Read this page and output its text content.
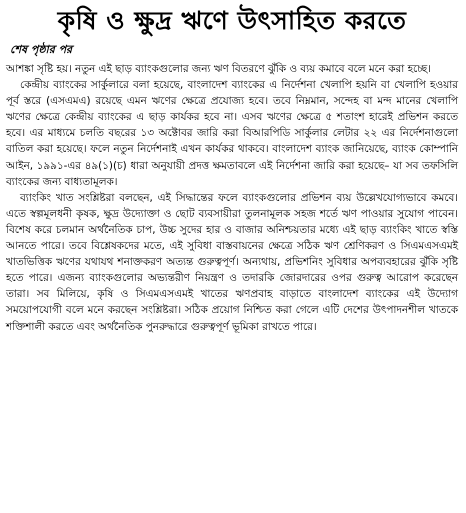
কৃষি ও ক্ষুদ্র ঋণে উৎসাহিত করতে
শেষ পৃষ্ঠার পর

আশঙ্কা সৃষ্টি হয়। নতুন এই ছাড় ব্যাংকগুলোর জন্য ঋণ বিতরণে ঝুঁকি ও ব্যয় কমাবে বলে মনে করা হচ্ছে।

কেন্দ্রীয় ব্যাংকের সার্কুলারে বলা হয়েছে, বাংলাদেশ ব্যাংকের এ নির্দেশনা খেলাপি হয়নি বা খেলাপি হওয়ার পূর্ব স্তরে (এসএমএ) রয়েছে এমন ঋণের ক্ষেত্রে প্রযোজ্য হবে। তবে নিম্নমান, সন্দেহ বা মন্দ মানের খেলাপি ঋণের ক্ষেত্রে কেন্দ্রীয় ব্যাংকের এ ছাড় কার্যকর হবে না। এসব ঋণের ক্ষেত্রে ৫ শতাংশ হারেই প্রভিশন করতে হবে। এর মাধ্যমে চলতি বছরের ১৩ অক্টোবর জারি করা বিআরপিডি সার্কুলার লেটার ২২ এর নির্দেশনাগুলো বাতিল করা হয়েছে। ফলে নতুন নির্দেশনাই এখন কার্যকর থাকবে। বাংলাদেশ ব্যাংক জানিয়েছে, ব্যাংক কোম্পানি আইন, ১৯৯১-এর ৪৯(১)(চ) ধারা অনুযায়ী প্রদত্ত ক্ষমতাবলে এই নির্দেশনা জারি করা হয়েছে– যা সব তফসিলি ব্যাংকের জন্য বাধ্যতামূলক।

ব্যাংকিং খাত সংশ্লিষ্টরা বলছেন, এই সিদ্ধান্তের ফলে ব্যাংকগুলোর প্রভিশন ব্যয় উল্লেখযোগ্যভাবে কমবে। এতে স্বল্পমূলধনী কৃষক, ক্ষুদ্র উদ্যোক্তা ও ছোট ব্যবসায়ীরা তুলনামূলক সহজ শর্তে ঋণ পাওয়ার সুযোগ পাবেন। বিশেষ করে চলমান অর্থনৈতিক চাপ, উচ্চ সুদের হার ও বাজার অনিশ্চয়তার মধ্যে এই ছাড় ব্যাংকিং খাতে স্বস্তি আনতে পারে। তবে বিশ্লেষকদের মতে, এই সুবিধা বাস্তবায়নের ক্ষেত্রে সঠিক ঋণ শ্রেণিকরণ ও সিএমএসএমই খাতভিত্তিক ঋণের যথাযথ শনাক্তকরণ অত্যন্ত গুরুত্বপূর্ণ। অন্যথায়, প্রভিশনিং সুবিধার অপব্যবহারের ঝুঁকি সৃষ্টি হতে পারে। এজন্য ব্যাংকগুলোর অভ্যন্তরীণ নিয়ন্ত্রণ ও তদারকি জোরদারের ওপর গুরুত্ব আরোপ করেছেন তারা। সব মিলিয়ে, কৃষি ও সিএমএসএমই খাতের ঋণপ্রবাহ বাড়াতে বাংলাদেশ ব্যাংকের এই উদ্যোগ সময়োপযোগী বলে মনে করছেন সংশ্লিষ্টরা। সঠিক প্রয়োগ নিশ্চিত করা গেলে এটি দেশের উৎপাদনশীল খাতকে শক্তিশালী করতে এবং অর্থনৈতিক পুনরুদ্ধারে গুরুত্বপূর্ণ ভূমিকা রাখতে পারে।
